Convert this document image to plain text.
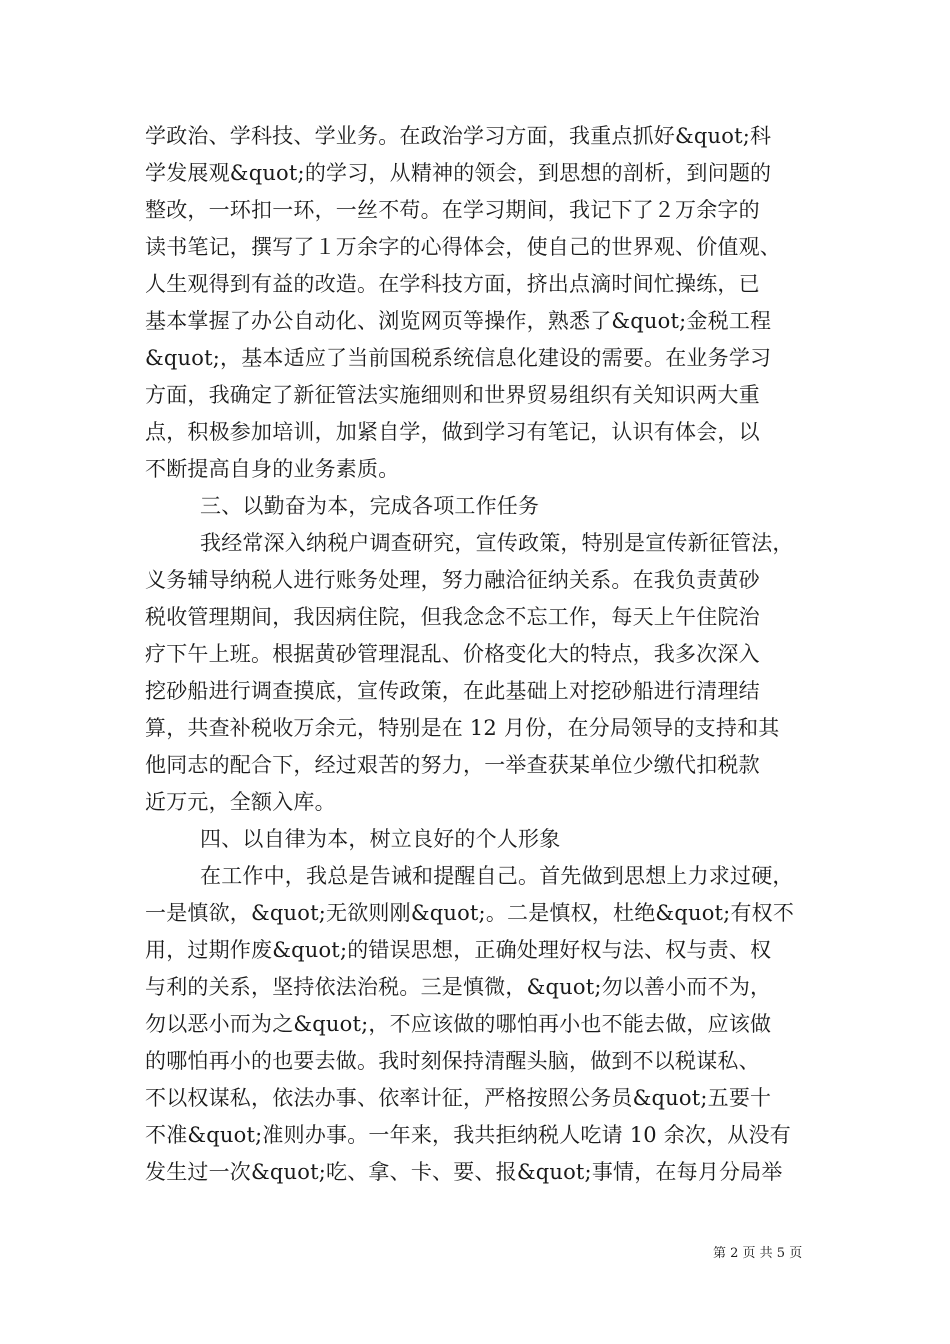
学政治、学科技、学业务。在政治学习方面，我重点抓好&quot;科
学发展观&quot;的学习，从精神的领会，到思想的剖析，到问题的
整改，一环扣一环，一丝不苟。在学习期间，我记下了２万余字的
读书笔记，撰写了１万余字的心得体会，使自己的世界观、价值观、
人生观得到有益的改造。在学科技方面，挤出点滴时间忙操练，已
基本掌握了办公自动化、浏览网页等操作，熟悉了&quot;金税工程
&quot;，基本适应了当前国税系统信息化建设的需要。在业务学习
方面，我确定了新征管法实施细则和世界贸易组织有关知识两大重
点，积极参加培训，加紧自学，做到学习有笔记，认识有体会，以
不断提高自身的业务素质。
三、以勤奋为本，完成各项工作任务
我经常深入纳税户调查研究，宣传政策，特别是宣传新征管法，
义务辅导纳税人进行账务处理，努力融洽征纳关系。在我负责黄砂
税收管理期间，我因病住院，但我念念不忘工作，每天上午住院治
疗下午上班。根据黄砂管理混乱、价格变化大的特点，我多次深入
挖砂船进行调查摸底，宣传政策，在此基础上对挖砂船进行清理结
算，共查补税收万余元，特别是在 12 月份，在分局领导的支持和其
他同志的配合下，经过艰苦的努力，一举查获某单位少缴代扣税款
近万元，全额入库。
四、以自律为本，树立良好的个人形象
在工作中，我总是告诫和提醒自己。首先做到思想上力求过硬，
一是慎欲，&quot;无欲则刚&quot;。二是慎权，杜绝&quot;有权不
用，过期作废&quot;的错误思想，正确处理好权与法、权与责、权
与利的关系，坚持依法治税。三是慎微，&quot;勿以善小而不为，
勿以恶小而为之&quot;，不应该做的哪怕再小也不能去做，应该做
的哪怕再小的也要去做。我时刻保持清醒头脑，做到不以税谋私、
不以权谋私，依法办事、依率计征，严格按照公务员&quot;五要十
不准&quot;准则办事。一年来，我共拒纳税人吃请 10 余次，从没有
发生过一次&quot;吃、拿、卡、要、报&quot;事情，在每月分局举
第 2 页 共 5 页
